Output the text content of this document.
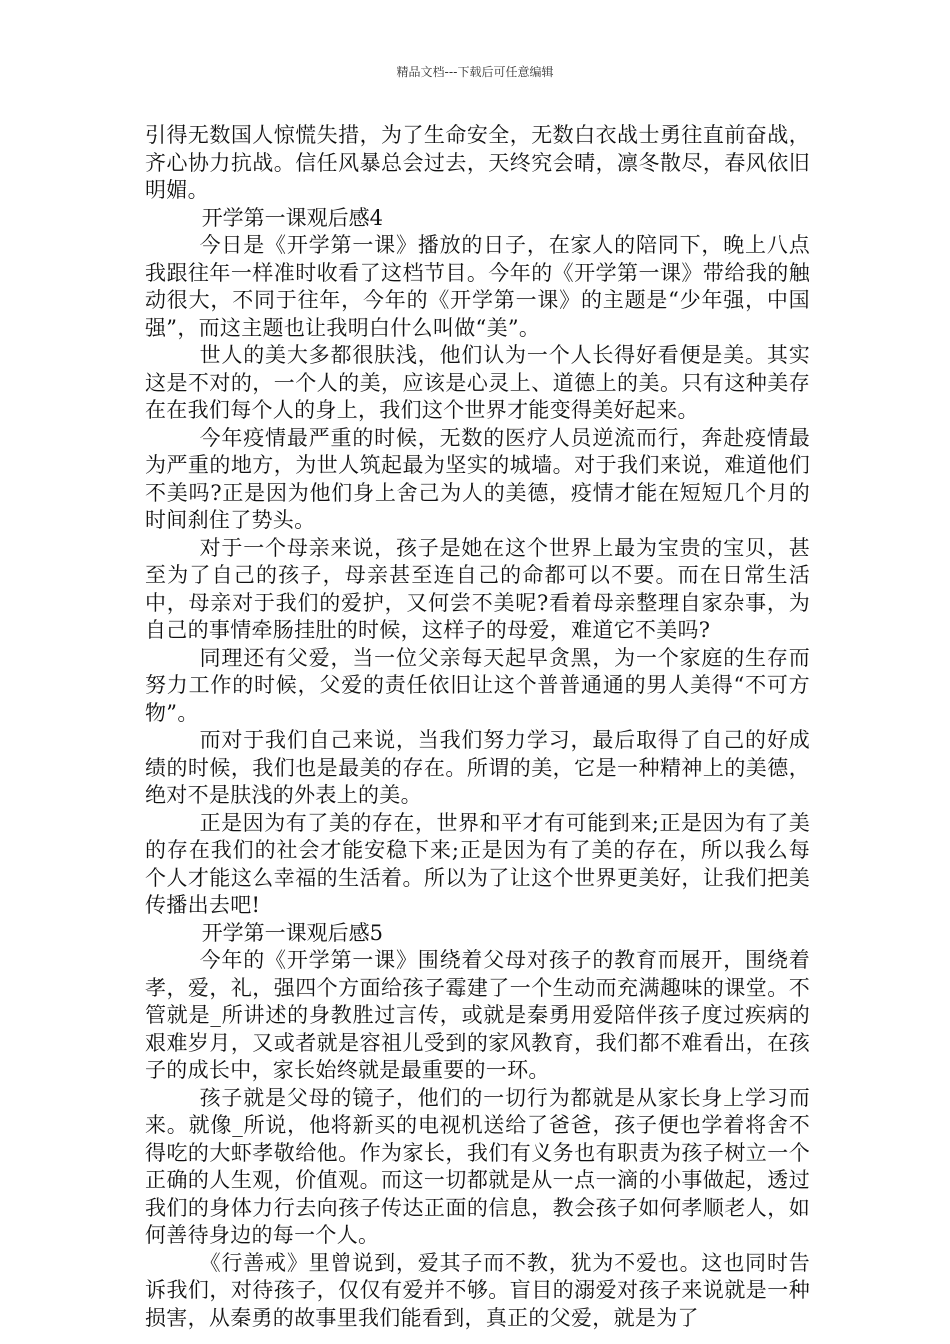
精品文档---下载后可任意编辑

引得无数国人惊慌失措，为了生命安全，无数白衣战士勇往直前奋战，齐心协力抗战。信任风暴总会过去，天终究会晴，凛冬散尽，春风依旧明媚。

开学第一课观后感4

今日是《开学第一课》播放的日子，在家人的陪同下，晚上八点我跟往年一样准时收看了这档节目。今年的《开学第一课》带给我的触动很大，不同于往年，今年的《开学第一课》的主题是“少年强，中国强”，而这主题也让我明白什么叫做“美”。

世人的美大多都很肤浅，他们认为一个人长得好看便是美。其实这是不对的，一个人的美，应该是心灵上、道德上的美。只有这种美存在在我们每个人的身上，我们这个世界才能变得美好起来。

今年疫情最严重的时候，无数的医疗人员逆流而行，奔赴疫情最为严重的地方，为世人筑起最为坚实的城墙。对于我们来说，难道他们不美吗?正是因为他们身上舍己为人的美德，疫情才能在短短几个月的时间刹住了势头。

对于一个母亲来说，孩子是她在这个世界上最为宝贵的宝贝，甚至为了自己的孩子，母亲甚至连自己的命都可以不要。而在日常生活中，母亲对于我们的爱护，又何尝不美呢?看着母亲整理自家杂事，为自己的事情牵肠挂肚的时候，这样子的母爱，难道它不美吗?

同理还有父爱，当一位父亲每天起早贪黑，为一个家庭的生存而努力工作的时候，父爱的责任依旧让这个普普通通的男人美得“不可方物”。

而对于我们自己来说，当我们努力学习，最后取得了自己的好成绩的时候，我们也是最美的存在。所谓的美，它是一种精神上的美德，绝对不是肤浅的外表上的美。

正是因为有了美的存在，世界和平才有可能到来;正是因为有了美的存在我们的社会才能安稳下来;正是因为有了美的存在，所以我么每个人才能这么幸福的生活着。所以为了让这个世界更美好，让我们把美传播出去吧!

开学第一课观后感5

今年的《开学第一课》围绕着父母对孩子的教育而展开，围绕着孝，爱，礼，强四个方面给孩子霉建了一个生动而充满趣味的课堂。不管就是_所讲述的身教胜过言传，或就是秦勇用爱陪伴孩子度过疾病的艰难岁月，又或者就是容祖儿受到的家风教育，我们都不难看出，在孩子的成长中，家长始终就是最重要的一环。

孩子就是父母的镜子，他们的一切行为都就是从家长身上学习而来。就像_所说，他将新买的电视机送给了爸爸，孩子便也学着将舍不得吃的大虾孝敬给他。作为家长，我们有义务也有职责为孩子树立一个正确的人生观，价值观。而这一切都就是从一点一滴的小事做起，透过我们的身体力行去向孩子传达正面的信息，教会孩子如何孝顺老人，如何善待身边的每一个人。

《行善戒》里曾说到，爱其子而不教，犹为不爱也。这也同时告诉我们，对待孩子，仅仅有爱并不够。盲目的溺爱对孩子来说就是一种损害，从秦勇的故事里我们能看到，真正的父爱，就是为了
